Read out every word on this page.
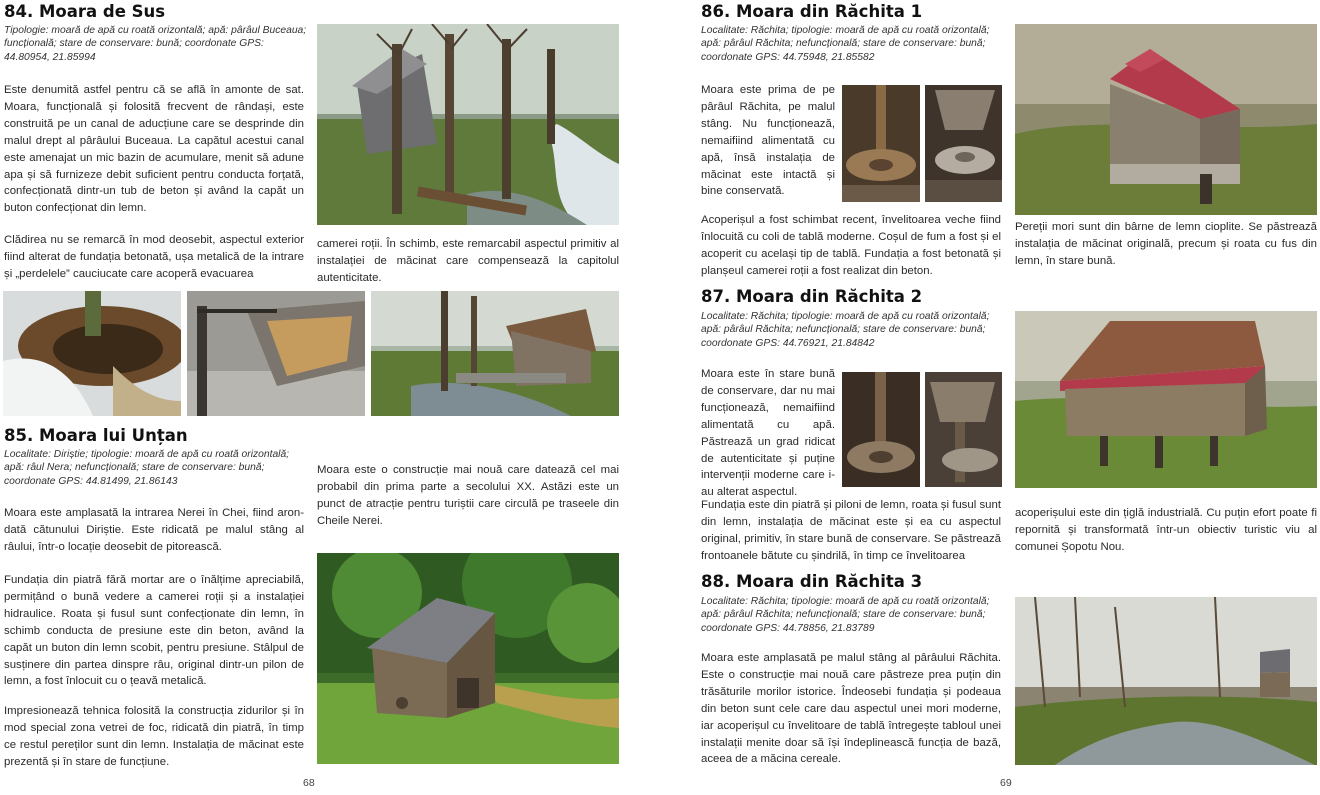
84. Moara de Sus
Tipologie: moară de apă cu roată orizontală; apă: pârâul Buceaua; funcțională; stare de conservare: bună; coordonate GPS: 44.80954, 21.85994
Este denumită astfel pentru că se află în amonte de sat. Moara, funcțională și folosită frecvent de rândași, este construită pe un canal de aducțiune care se desprinde din malul drept al pârâului Buceaua. La capătul acestui canal este amenajat un mic bazin de acumulare, menit să adune apa și să furnizeze debit suficient pentru conducta forțată, confecționată dintr-un tub de beton și având la capăt un buton confecționat din lemn.
Clădirea nu se remarcă în mod deosebit, aspectul exterior fiind alterat de fundația betonată, ușa metalică de la intrare și „perdelele” cauciucate care acoperă evacuarea
camerei roții. În schimb, este remarcabil aspectul primitiv al instalației de măcinat care compensează la capitolul autenticitate.
85. Moara lui Unțan
Localitate: Diriștie; tipologie: moară de apă cu roată orizontală; apă: râul Nera; nefuncțională; stare de conservare: bună; coordonate GPS: 44.81499, 21.86143
Moara este amplasată la intrarea Nerei în Chei, fiind arondată cătunului Diriștie. Este ridicată pe malul stâng al râului, într-o locație deosebit de pitorească.
Fundația din piatră fără mortar are o înălțime apreciabilă, permițând o bună vedere a camerei roții și a instalației hidraulice. Roata și fusul sunt confecționate din lemn, în schimb conducta de presiune este din beton, având la capăt un buton din lemn scobit, pentru presiune. Stâlpul de susținere din partea dinspre râu, original dintr-un pilon de lemn, a fost înlocuit cu o țeavă metalică.
Impresionează tehnica folosită la construcția zidurilor și în mod special zona vetrei de foc, ridicată din piatră, în timp ce restul pereților sunt din lemn. Instalația de măcinat este prezentă și în stare de funcțiune.
Moara este o construcție mai nouă care datează cel mai probabil din prima parte a secolului XX. Astăzi este un punct de atracție pentru turiștii care circulă pe traseele din Cheile Nerei.
68
86. Moara din Răchita 1
Localitate: Răchita; tipologie: moară de apă cu roată orizontală; apă: pârâul Răchita; nefuncțională; stare de conservare: bună; coordonate GPS: 44.75948, 21.85582
Moara este prima de pe pârâul Răchita, pe malul stâng. Nu funcționează, nemaifiind alimentată cu apă, însă instalația de măcinat este intactă și bine conservată.
Acoperișul a fost schimbat recent, învelitoarea veche fiind înlocuită cu coli de tablă moderne. Coșul de fum a fost și el acoperit cu același tip de tablă. Fundația a fost betonată și planșeul camerei roții a fost realizat din beton.
Pereții mori sunt din bârne de lemn cioplite. Se păstrează instalația de măcinat originală, precum și roata cu fus din lemn, în stare bună.
87. Moara din Răchita 2
Localitate: Răchita; tipologie: moară de apă cu roată orizontală; apă: pârâul Răchita; nefuncțională; stare de conservare: bună; coordonate GPS: 44.76921, 21.84842
Moara este în stare bună de conservare, dar nu mai funcționează, nemaifiind alimentată cu apă. Păstrează un grad ridicat de autenticitate și puține intervenții moderne care i-au alterat aspectul.
Fundația este din piatră și piloni de lemn, roata și fusul sunt din lemn, instalația de măcinat este și ea cu aspectul original, primitiv, în stare bună de conservare. Se păstrează frontoanele bătute cu șindrilă, în timp ce învelitoarea
acoperișului este din țiglă industrială. Cu puțin efort poate fi repornită și transformată într-un obiectiv turistic viu al comunei Șopotu Nou.
88. Moara din Răchita 3
Localitate: Răchita; tipologie: moară de apă cu roată orizontală; apă: pârâul Răchita; nefuncțională; stare de conservare: bună; coordonate GPS: 44.78856, 21.83789
Moara este amplasată pe malul stâng al pârâului Răchita. Este o construcție mai nouă care păstreze prea puțin din trăsăturile morilor istorice. Îndeosebi fundația și podeaua din beton sunt cele care dau aspectul unei mori moderne, iar acoperișul cu învelitoare de tablă întregește tabloul unei instalații menite doar să își îndeplinească funcția de bază, aceea de a măcina cereale.
69
